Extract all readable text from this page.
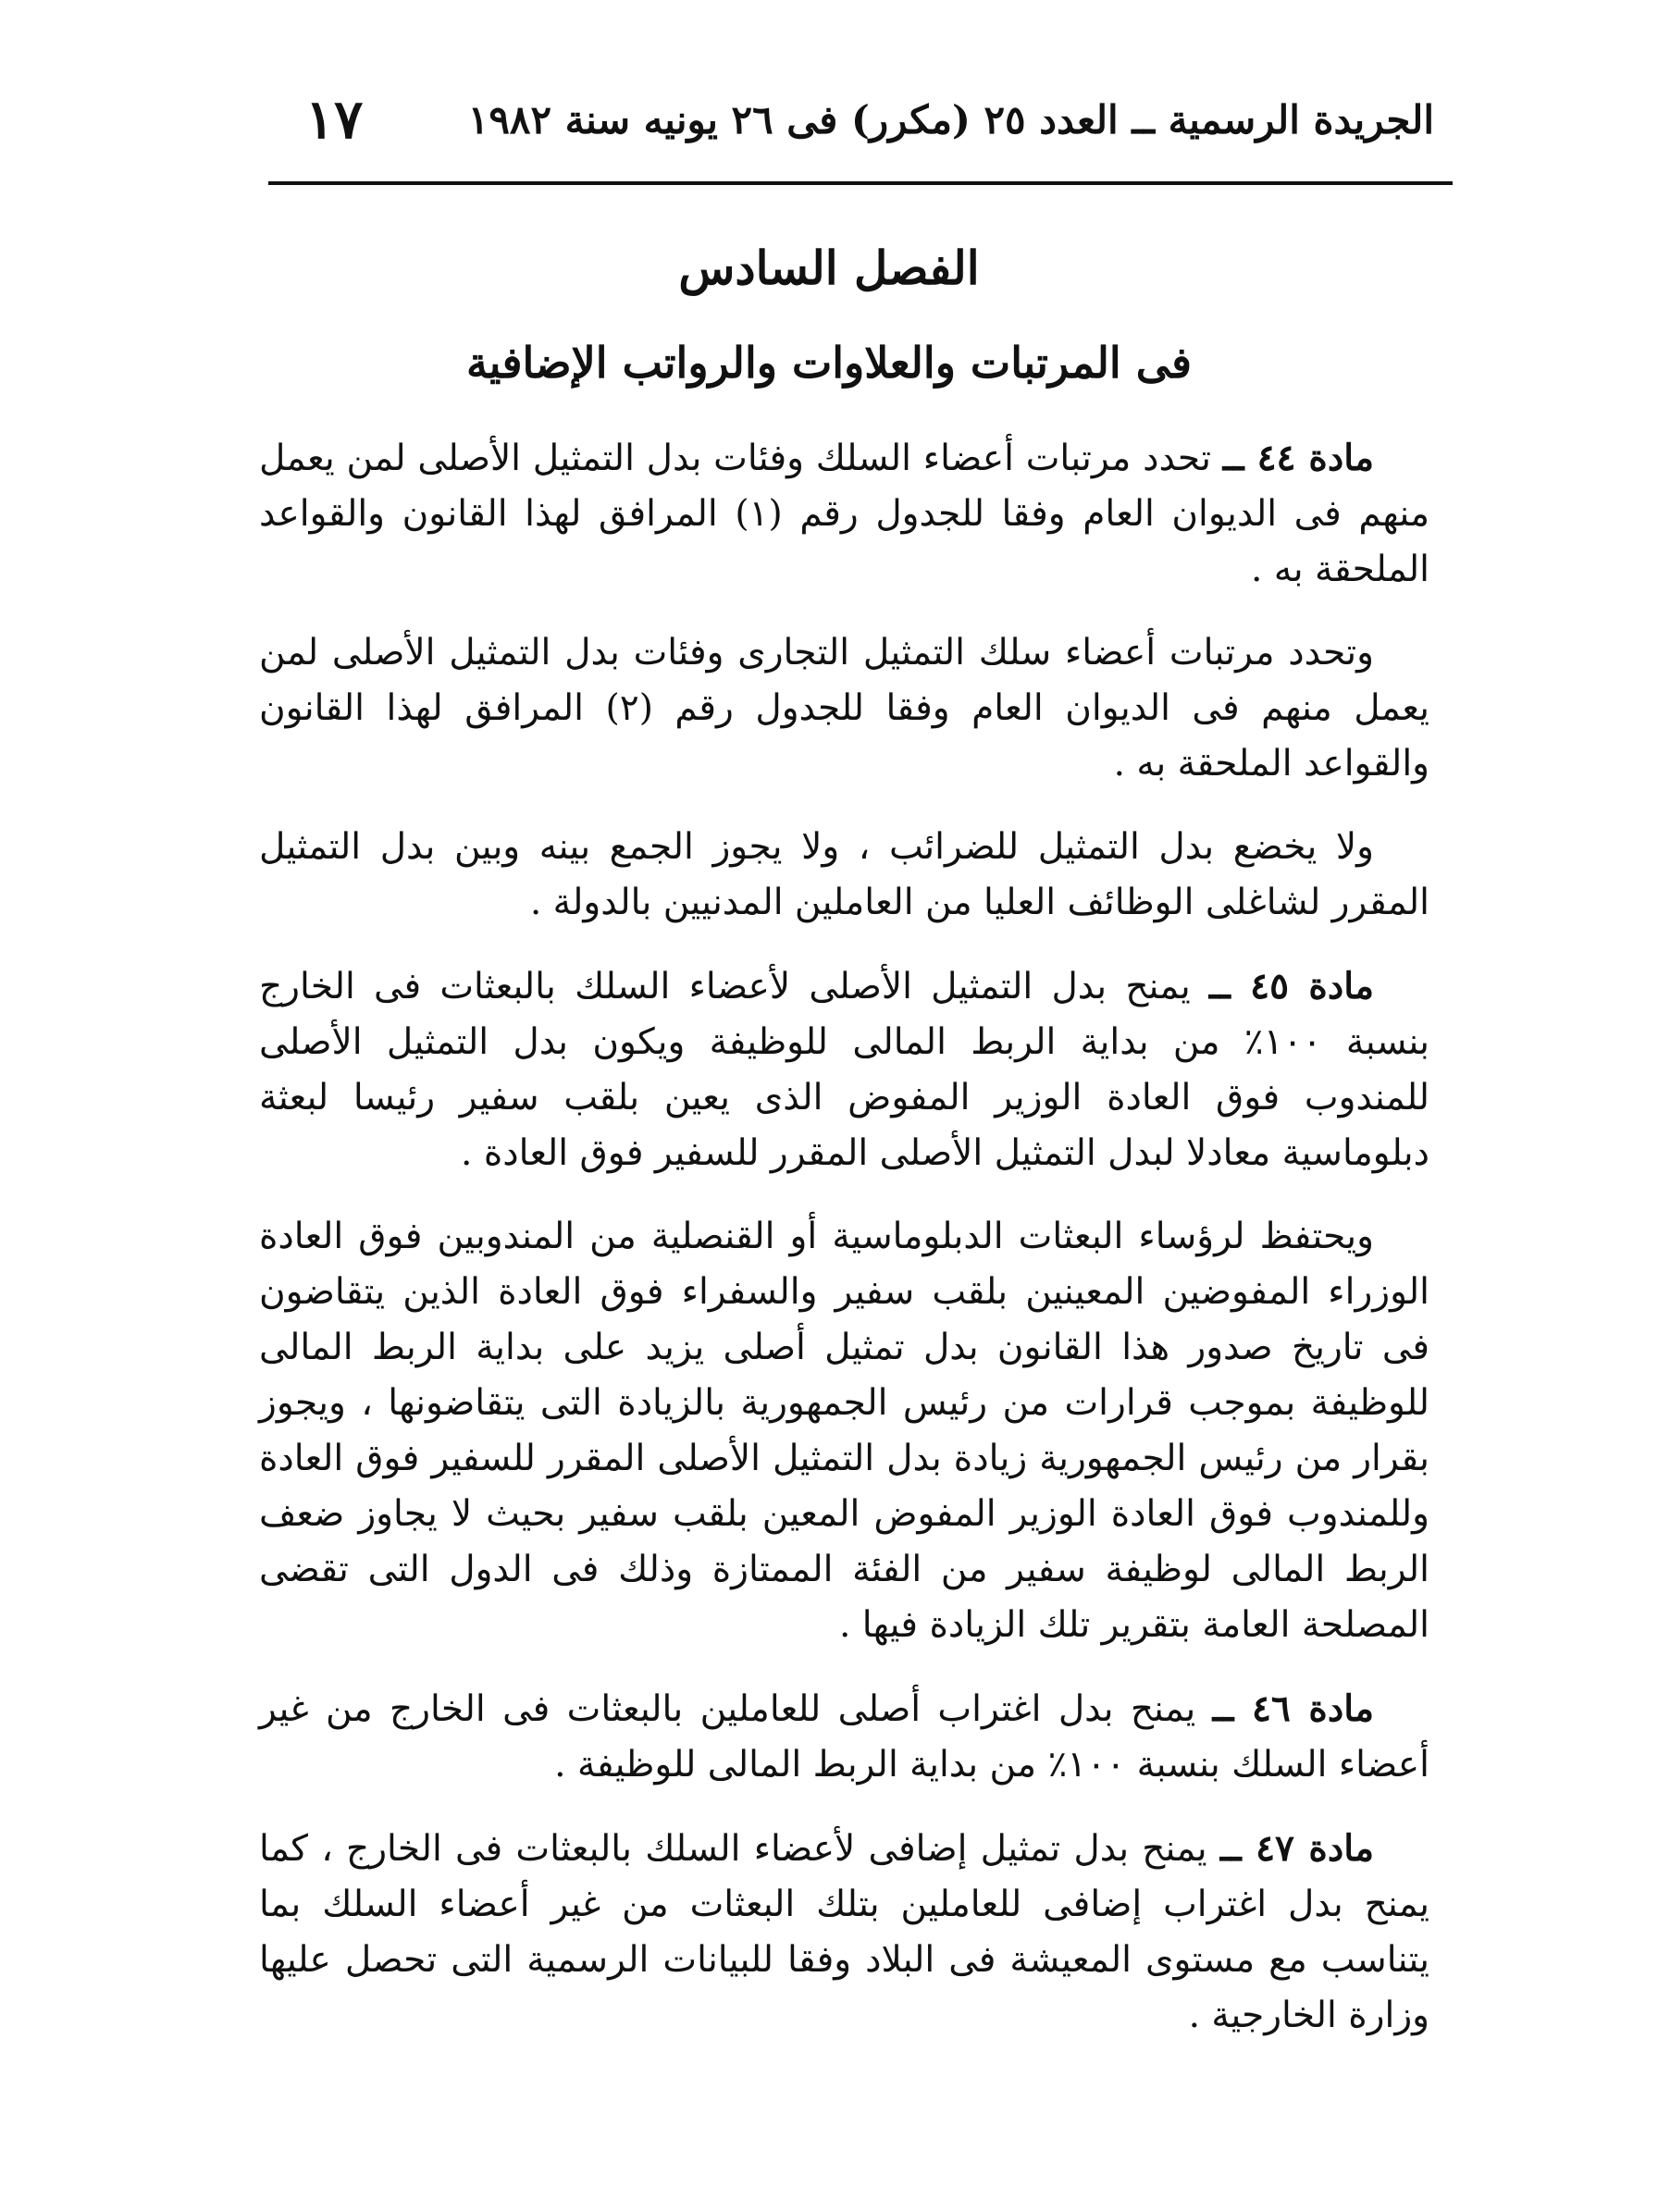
الجريدة الرسمية ــ العدد ٢٥ (مكرر) فى ٢٦ يونيه سنة ١٩٨٢
١٧
الفصل السادس
فى المرتبات والعلاوات والرواتب الإضافية

مادة ٤٤ ــ تحدد مرتبات أعضاء السلك وفئات بدل التمثيل الأصلى لمن يعمل منهم فى الديوان العام وفقا للجدول رقم (١) المرافق لهذا القانون والقواعد الملحقة به .

وتحدد مرتبات أعضاء سلك التمثيل التجارى وفئات بدل التمثيل الأصلى لمن يعمل منهم فى الديوان العام وفقا للجدول رقم (٢) المرافق لهذا القانون والقواعد الملحقة به .

ولا يخضع بدل التمثيل للضرائب ، ولا يجوز الجمع بينه وبين بدل التمثيل المقرر لشاغلى الوظائف العليا من العاملين المدنيين بالدولة .

مادة ٤٥ ــ يمنح بدل التمثيل الأصلى لأعضاء السلك بالبعثات فى الخارج بنسبة ١٠٠٪ من بداية الربط المالى للوظيفة ويكون بدل التمثيل الأصلى للمندوب فوق العادة الوزير المفوض الذى يعين بلقب سفير رئيسا لبعثة دبلوماسية معادلا لبدل التمثيل الأصلى المقرر للسفير فوق العادة .

ويحتفظ لرؤساء البعثات الدبلوماسية أو القنصلية من المندوبين فوق العادة الوزراء المفوضين المعينين بلقب سفير والسفراء فوق العادة الذين يتقاضون فى تاريخ صدور هذا القانون بدل تمثيل أصلى يزيد على بداية الربط المالى للوظيفة بموجب قرارات من رئيس الجمهورية بالزيادة التى يتقاضونها ، ويجوز بقرار من رئيس الجمهورية زيادة بدل التمثيل الأصلى المقرر للسفير فوق العادة وللمندوب فوق العادة الوزير المفوض المعين بلقب سفير بحيث لا يجاوز ضعف الربط المالى لوظيفة سفير من الفئة الممتازة وذلك فى الدول التى تقضى المصلحة العامة بتقرير تلك الزيادة فيها .

مادة ٤٦ ــ يمنح بدل اغتراب أصلى للعاملين بالبعثات فى الخارج من غير أعضاء السلك بنسبة ١٠٠٪ من بداية الربط المالى للوظيفة .

مادة ٤٧ ــ يمنح بدل تمثيل إضافى لأعضاء السلك بالبعثات فى الخارج ، كما يمنح بدل اغتراب إضافى للعاملين بتلك البعثات من غير أعضاء السلك بما يتناسب مع مستوى المعيشة فى البلاد وفقا للبيانات الرسمية التى تحصل عليها وزارة الخارجية .
